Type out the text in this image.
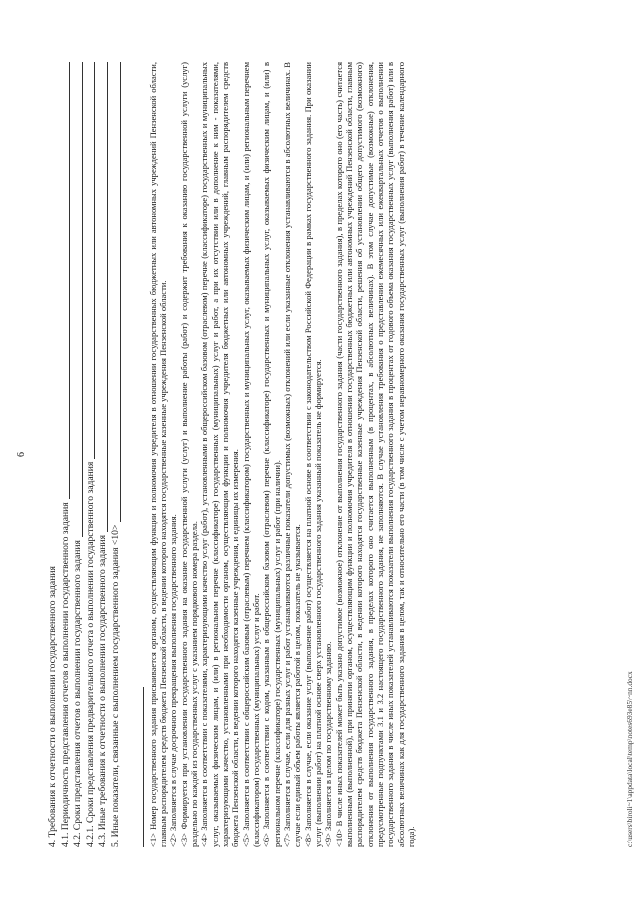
6
4. Требования к отчетности о выполнении государственного задания 4.1. Периодичность представления отчетов о выполнении государственного задания 4.2. Сроки представления отчетов о выполнении государственного задания 4.2.1. Сроки представления предварительного отчета о выполнении государственного задания 4.3. Иные требования к отчетности о выполнении государственного задания 5. Иные показатели, связанные с выполнением государственного задания <10>	<1> Номер государственного задания присваивается органом, осуществляющим функции и полномочия учредителя в отношении государственных бюджетных или автономных учреждений Пензенской области, главным распорядителем средств бюджета Пензенской области, в ведении которого находятся государственные казенные учреждения Пензенской области. <2> Заполняется в случае досрочного прекращения выполнения государственного задания. <3> Формируется при установлении государственного задания на оказание государственной услуги (услуг) и выполнение работы (работ) и содержит требования к оказанию государственной услуги (услуг) раздельно по каждой из государственных услуг с указанием порядкового номера раздела. <4> Заполняется в соответствии с показателями, характеризующими качество услуг (работ), установленными в общероссийском базовом (отраслевом) перечне (классификаторе) государственных и муниципальных услуг, оказываемых физическим лицам, и (или) в региональном перечне (классификаторе) государственных (муниципальных) услуг и работ, а при их отсутствии или в дополнение к ним - показателями, характеризующими качество, установленными при необходимости органом, осуществляющим функции и полномочия учредителя бюджетных или автономных учреждений, главным распорядителем средств бюджета Пензенской области, в ведении которого находятся казенные учреждения, и единицы их измерения. <5> Заполняется в соответствии с общероссийским базовым (отраслевым) перечнем (классификатором) государственных и муниципальных услуг, оказываемых физическим лицам, и (или) региональным перечнем (классификатором) государственных (муниципальных) услуг и работ. <6> Заполняется в соответствии с кодом, указанным в общероссийском базовом (отраслевом) перечне (классификаторе) государственных и муниципальных услуг, оказываемых физическим лицам, и (или) в региональном перечне (классификаторе) государственных (муниципальных) услуг и работ (при наличии). <7> Заполняется в случае, если для разных услуг и работ устанавливаются различные показатели допустимых (возможных) отклонений или если указанные отклонения устанавливаются в абсолютных величинах. В случае если единый объем работы является работой в целом, показатель не указывается. <8> Заполняется в случае, если оказание услуг (выполнение работ) осуществляется на платной основе в соответствии с законодательством Российской Федерации в рамках государственного задания. При оказании услуг (выполнении работ) на платной основе сверх установленного государственного задания указанный показатель не формируется. <9> Заполняется в целом по государственному заданию. <10> В числе иных показателей может быть указано допустимое (возможное) отклонение от выполнения государственного задания (части государственного задания), в пределах которого оно (его часть) считается выполненным (выполненной), при принятии органом, осуществляющим функции и полномочия учредителя в отношении государственных бюджетных или автономных учреждений Пензенской области, главным распорядителем средств бюджета Пензенской области, в ведении которого находятся государственные казенные учреждения Пензенской области, решения об установлении общего допустимого (возможного) отклонения от выполнения государственного задания, в пределах которого оно считается выполненным (в процентах, в абсолютных величинах). В этом случае допустимые (возможные) отклонения, предусмотренные подпунктами 3.1 и 3.2 настоящего государственного задания, не заполняются. В случае установления требования о представлении ежемесячных или ежеквартальных отчетов о выполнении государственного задания в числе иных показателей устанавливаются показатели выполнения государственного задания в процентах от годового объема оказания государственных услуг (выполнения работ) или в абсолютных величинах как для государственного задания в целом, так и относительно его части (в том числе с учетом неравномерного оказания государственных услуг (выполнения работ) в течение календарного года).	c:\users\biroli~1\appdata\local\temp\notes693e85\~nn.docx
